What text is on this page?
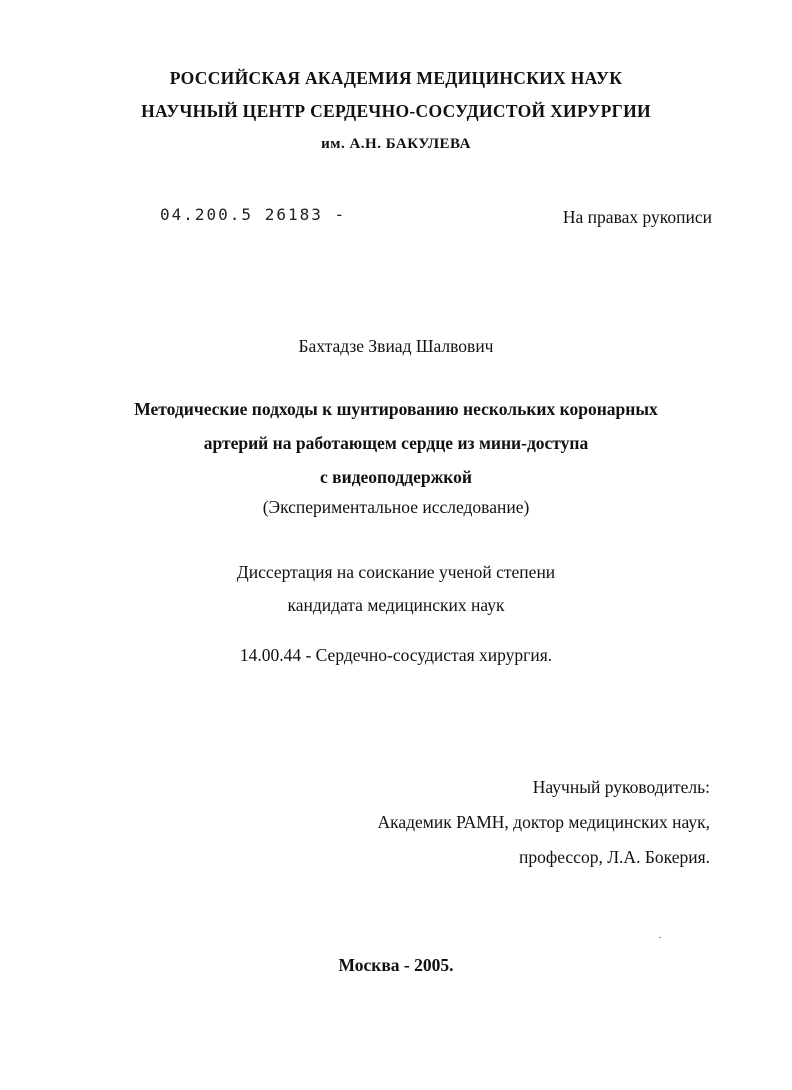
РОССИЙСКАЯ АКАДЕМИЯ МЕДИЦИНСКИХ НАУК
НАУЧНЫЙ ЦЕНТР СЕРДЕЧНО-СОСУДИСТОЙ ХИРУРГИИ
им. А.Н. БАКУЛЕВА
04.200.5 26183 -	На правах рукописи
Бахтадзе Звиад Шалвович
Методические подходы к шунтированию нескольких коронарных
артерий на работающем сердце из мини-доступа
с видеоподдержкой
(Экспериментальное исследование)
Диссертация на соискание ученой степени
кандидата медицинских наук
14.00.44 - Сердечно-сосудистая хирургия.
Научный руководитель:
Академик РАМН, доктор медицинских наук,
профессор, Л.А. Бокерия.
·
Москва - 2005.
